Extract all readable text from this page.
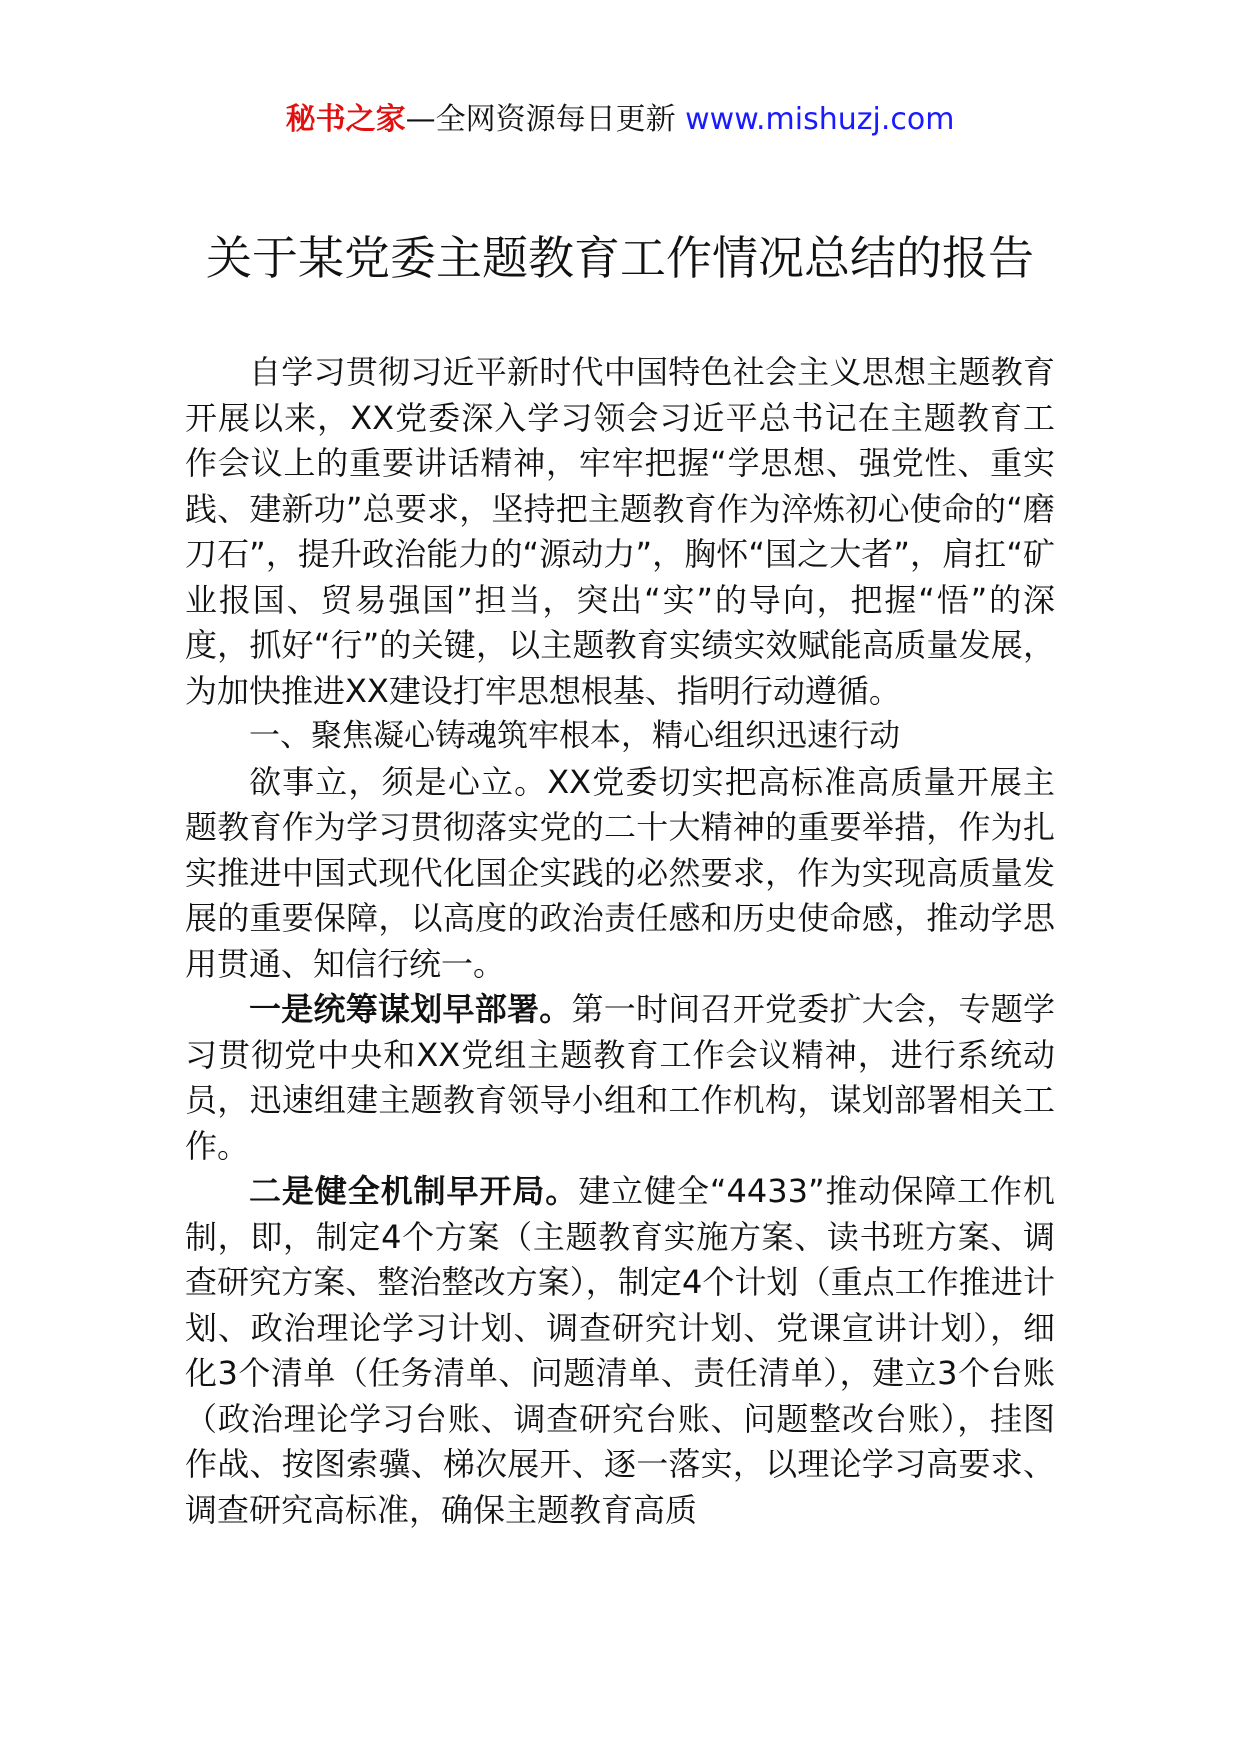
秘书之家—全网资源每日更新 www.mishuzj.com
关于某党委主题教育工作情况总结的报告

自学习贯彻习近平新时代中国特色社会主义思想主题教育开展以来，XX党委深入学习领会习近平总书记在主题教育工作会议上的重要讲话精神，牢牢把握“学思想、强党性、重实践、建新功”总要求，坚持把主题教育作为淬炼初心使命的“磨刀石”，提升政治能力的“源动力”，胸怀“国之大者”，肩扛“矿业报国、贸易强国”担当，突出“实”的导向，把握“悟”的深度，抓好“行”的关键，以主题教育实绩实效赋能高质量发展，为加快推进XX建设打牢思想根基、指明行动遵循。

一、聚焦凝心铸魂筑牢根本，精心组织迅速行动

欲事立，须是心立。XX党委切实把高标准高质量开展主题教育作为学习贯彻落实党的二十大精神的重要举措，作为扎实推进中国式现代化国企实践的必然要求，作为实现高质量发展的重要保障，以高度的政治责任感和历史使命感，推动学思用贯通、知信行统一。

一是统筹谋划早部署。第一时间召开党委扩大会，专题学习贯彻党中央和XX党组主题教育工作会议精神，进行系统动员，迅速组建主题教育领导小组和工作机构，谋划部署相关工作。

二是健全机制早开局。建立健全“4433”推动保障工作机制，即，制定4个方案（主题教育实施方案、读书班方案、调查研究方案、整治整改方案），制定4个计划（重点工作推进计划、政治理论学习计划、调查研究计划、党课宣讲计划），细化3个清单（任务清单、问题清单、责任清单），建立3个台账（政治理论学习台账、调查研究台账、问题整改台账），挂图作战、按图索骥、梯次展开、逐一落实，以理论学习高要求、调查研究高标准，确保主题教育高质
